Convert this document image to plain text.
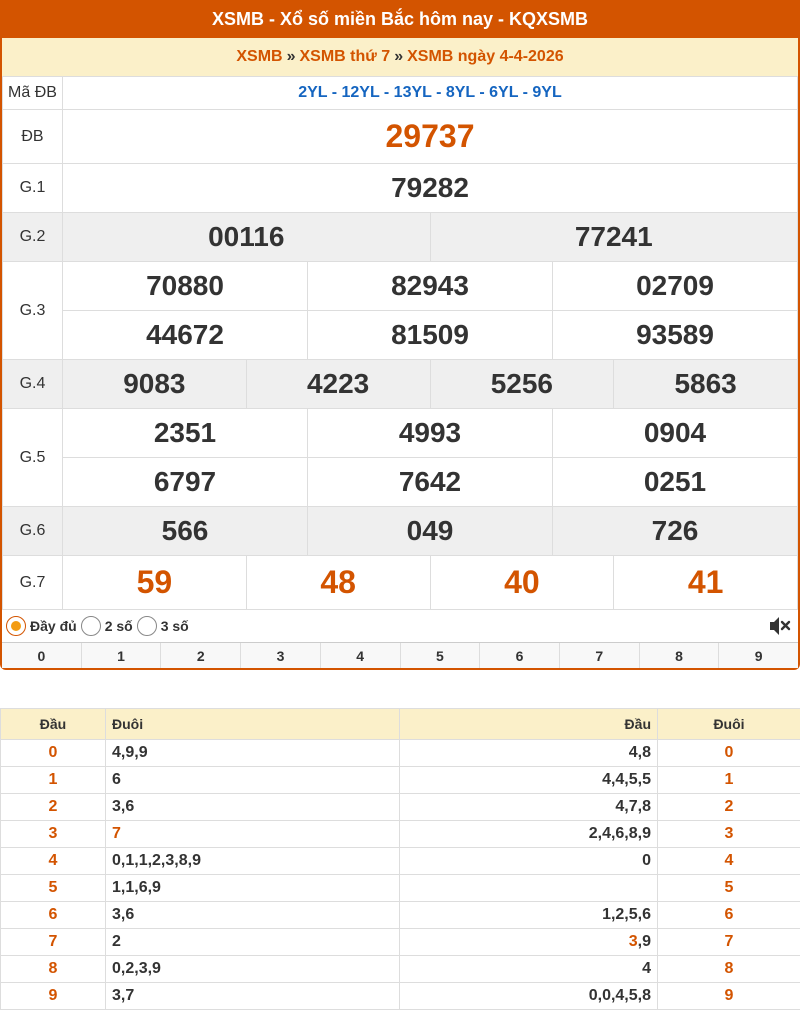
XSMB - Xổ số miền Bắc hôm nay - KQXSMB
XSMB » XSMB thứ 7 » XSMB ngày 4-4-2026
Mã ĐB	2YL - 12YL - 13YL - 8YL - 6YL - 9YL					
ĐB	29737					
G.1	79282					
G.2	00116			77241		
G.3	70880		82943		02709	
	44672		81509		93589	
G.4	9083	4223		5256		5863
G.5	2351		4993		0904	
	6797		7642		0251	
G.6	566		049		726	
G.7	59	48		40		41
Đầy đủ 2 số 3 số
0	1	2	3	4	5	6	7	8	9
Đầu	Đuôi	Đầu	Đuôi
0	4,9,9	4,8	0
1	6	4,4,5,5	1
2	3,6	4,7,8	2
3	7	2,4,6,8,9	3
4	0,1,1,2,3,8,9	0	4
5	1,1,6,9		5
6	3,6	1,2,5,6	6
7	2	3,9	7
8	0,2,3,9	4	8
9	3,7	0,0,4,5,8	9
